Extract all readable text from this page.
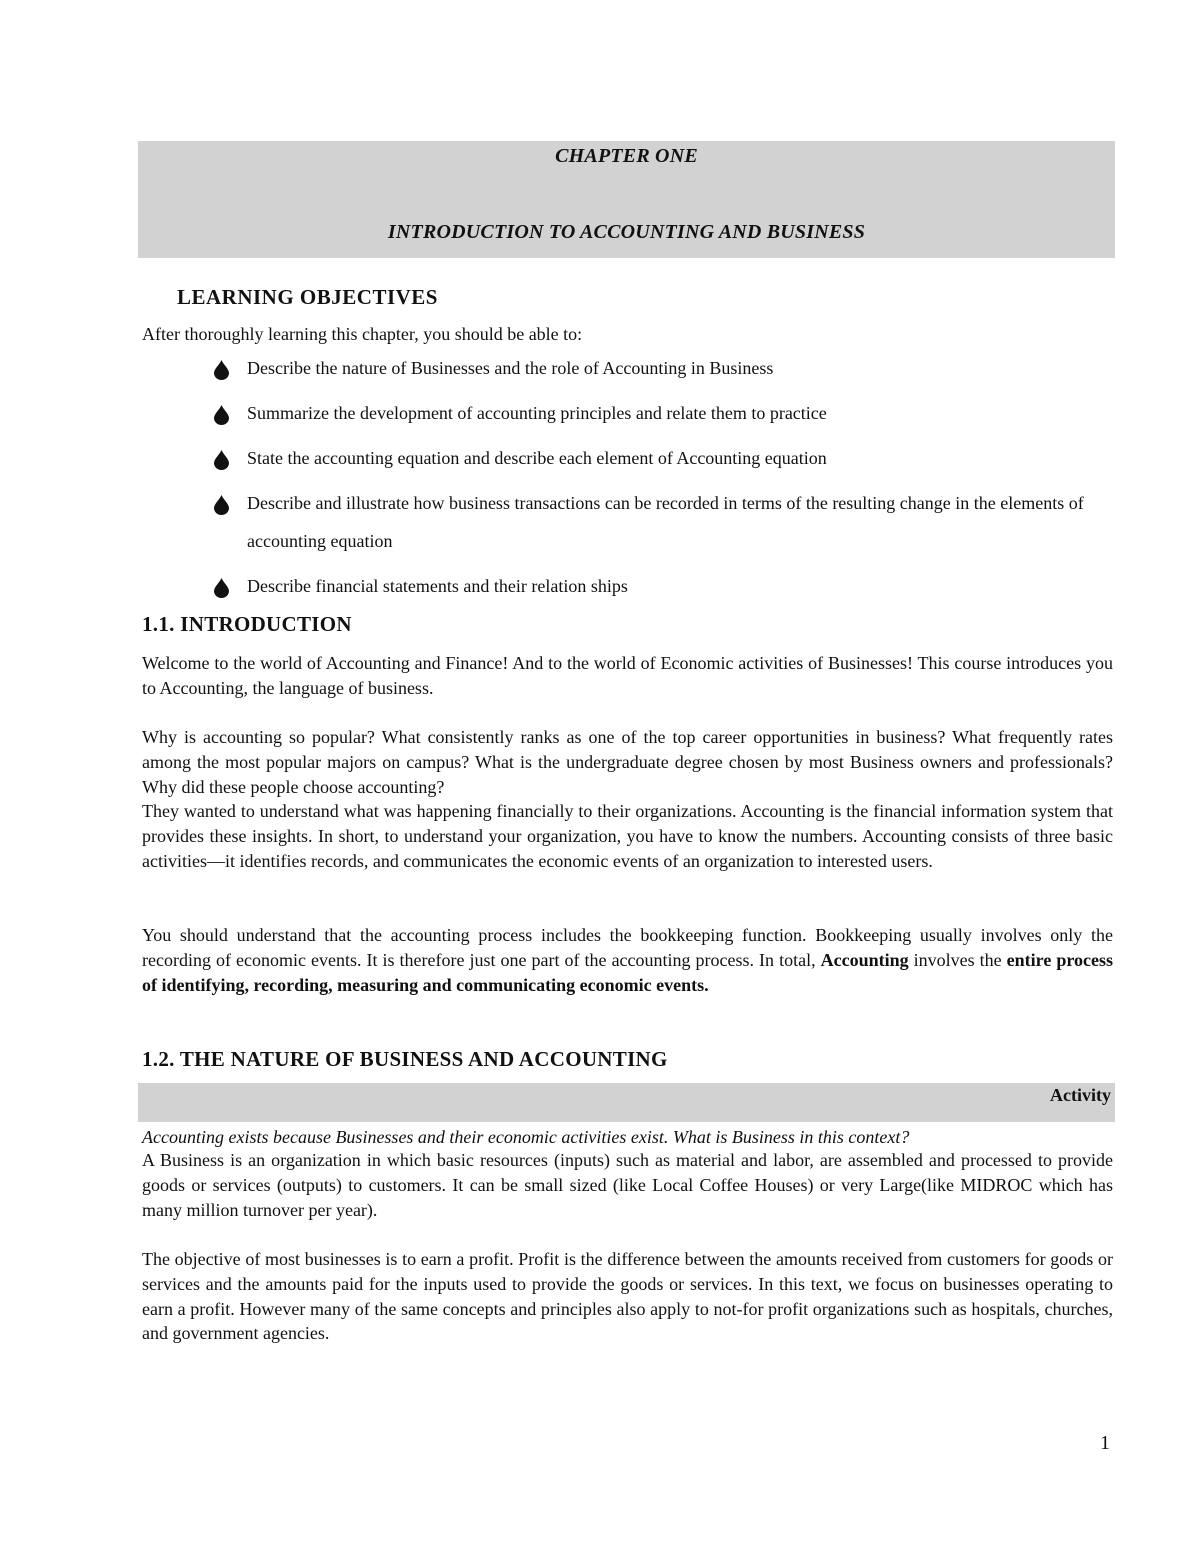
CHAPTER ONE
INTRODUCTION TO ACCOUNTING AND BUSINESS
LEARNING OBJECTIVES
After thoroughly learning this chapter, you should be able to:
Describe the nature of Businesses and the role of Accounting in Business
Summarize the development of accounting principles and relate them to practice
State the accounting equation and describe each element of Accounting equation
Describe and illustrate how business transactions can be recorded in terms of the resulting change in the elements of accounting equation
Describe financial statements and their relation ships
1.1. INTRODUCTION

Welcome to the world of Accounting and Finance! And to the world of Economic activities of Businesses! This course introduces you to Accounting, the language of business.

Why is accounting so popular? What consistently ranks as one of the top career opportunities in business? What frequently rates among the most popular majors on campus? What is the undergraduate degree chosen by most Business owners and professionals? Why did these people choose accounting?

They wanted to understand what was happening financially to their organizations. Accounting is the financial information system that provides these insights. In short, to understand your organization, you have to know the numbers. Accounting consists of three basic activities—it identifies records, and communicates the economic events of an organization to interested users.

You should understand that the accounting process includes the bookkeeping function. Bookkeeping usually involves only the recording of economic events. It is therefore just one part of the accounting process. In total, Accounting involves the entire process of identifying, recording, measuring and communicating economic events.

1.2. THE NATURE OF BUSINESS AND ACCOUNTING
Activity

Accounting exists because Businesses and their economic activities exist. What is Business in this context?

A Business is an organization in which basic resources (inputs) such as material and labor, are assembled and processed to provide goods or services (outputs) to customers. It can be small sized (like Local Coffee Houses) or very Large(like MIDROC which has many million turnover per year).

The objective of most businesses is to earn a profit. Profit is the difference between the amounts received from customers for goods or services and the amounts paid for the inputs used to provide the goods or services. In this text, we focus on businesses operating to earn a profit. However many of the same concepts and principles also apply to not-for profit organizations such as hospitals, churches, and government agencies.

1
